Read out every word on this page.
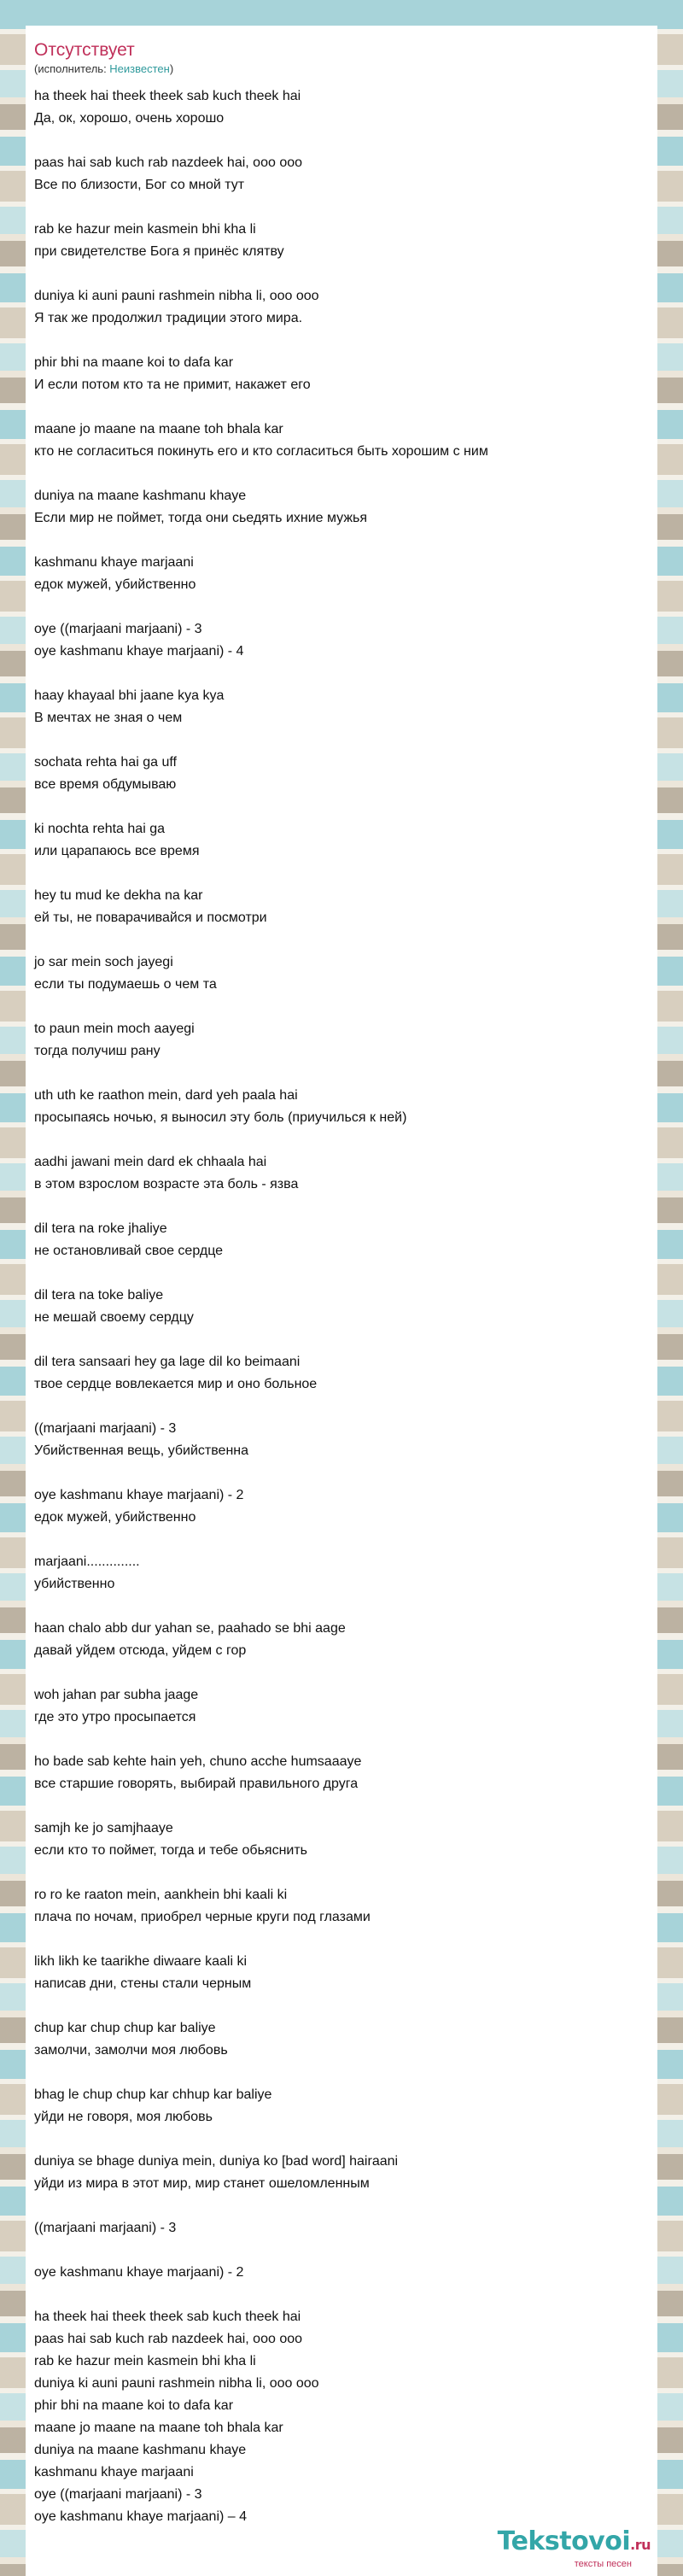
Отсутствует
(исполнитель: Неизвестен)
ha theek hai theek theek sab kuch theek hai
Да, ок, хорошо, очень хорошо
paas hai sab kuch rab nazdeek hai, ooo ooo
Все по близости, Бог со мной тут
rab ke hazur mein kasmein bhi kha li
при свидетелстве Бога я принёс клятву
duniya ki auni pauni rashmein nibha li, ooo ooo
Я так же продолжил традиции этого мира.
phir bhi na maane koi to dafa kar
И если потом кто та не примит, накажет его
maane jo maane na maane toh bhala kar
кто не согласиться покинуть его и кто согласиться быть хорошим с ним
duniya na maane kashmanu khaye
Если мир не поймет, тогда они сьедять ихние мужья
kashmanu khaye marjaani
едок мужей, убийственно
oye ((marjaani marjaani) - 3
oye kashmanu khaye marjaani) - 4
haay khayaal bhi jaane kya kya
В мечтах не зная о чем
sochata rehta hai ga uff
все время обдумываю
ki nochta rehta hai ga
или царапаюсь все время
hey tu mud ke dekha na kar
ей ты, не поварачивайся и посмотри
jo sar mein soch jayegi
если ты подумаешь о чем та
to paun mein moch aayegi
тогда получиш рану
uth uth ke raathon mein, dard yeh paala hai
просыпаясь ночью, я выносил эту боль (приучилься к ней)
aadhi jawani mein dard ek chhaala hai
в этом взрослом возрасте эта боль - язва
dil tera na roke jhaliye
не остановливай свое сердце
dil tera na toke baliye
не мешай своему сердцу
dil tera sansaari hey ga lage dil ko beimaani
твое сердце вовлекается мир и оно больное
((marjaani marjaani) - 3
Убийственная вещь, убийственна
oye kashmanu khaye marjaani) - 2
едок мужей, убийственно
marjaani..............
убийственно
haan chalo abb dur yahan se, paahado se bhi aage
давай уйдем отсюда, уйдем с гор
woh jahan par subha jaage
где это утро просыпается
ho bade sab kehte hain yeh, chuno acche humsaaaye
все старшие говорять, выбирай правильного друга
samjh ke jo samjhaaye
если кто то поймет, тогда и тебе обьяснить
ro ro ke raaton mein, aankhein bhi kaali ki
плача по ночам, приобрел черные круги под глазами
likh likh ke taarikhe diwaare kaali ki
написав дни, стены стали черным
chup kar chup chup kar baliye
замолчи, замолчи моя любовь
bhag le chup chup kar chhup kar baliye
уйди не говоря, моя любовь
duniya se bhage duniya mein, duniya ko [bad word] hairaani
уйди из мира в этот мир, мир станет ошеломленным
((marjaani marjaani) - 3
oye kashmanu khaye marjaani) - 2
ha theek hai theek theek sab kuch theek hai
paas hai sab kuch rab nazdeek hai, ooo ooo
rab ke hazur mein kasmein bhi kha li
duniya ki auni pauni rashmein nibha li, ooo ooo
phir bhi na maane koi to dafa kar
maane jo maane na maane toh bhala kar
duniya na maane kashmanu khaye
kashmanu khaye marjaani
oye ((marjaani marjaani) - 3
oye kashmanu khaye marjaani) – 4
Tekstovoi.ru
тексты песен
